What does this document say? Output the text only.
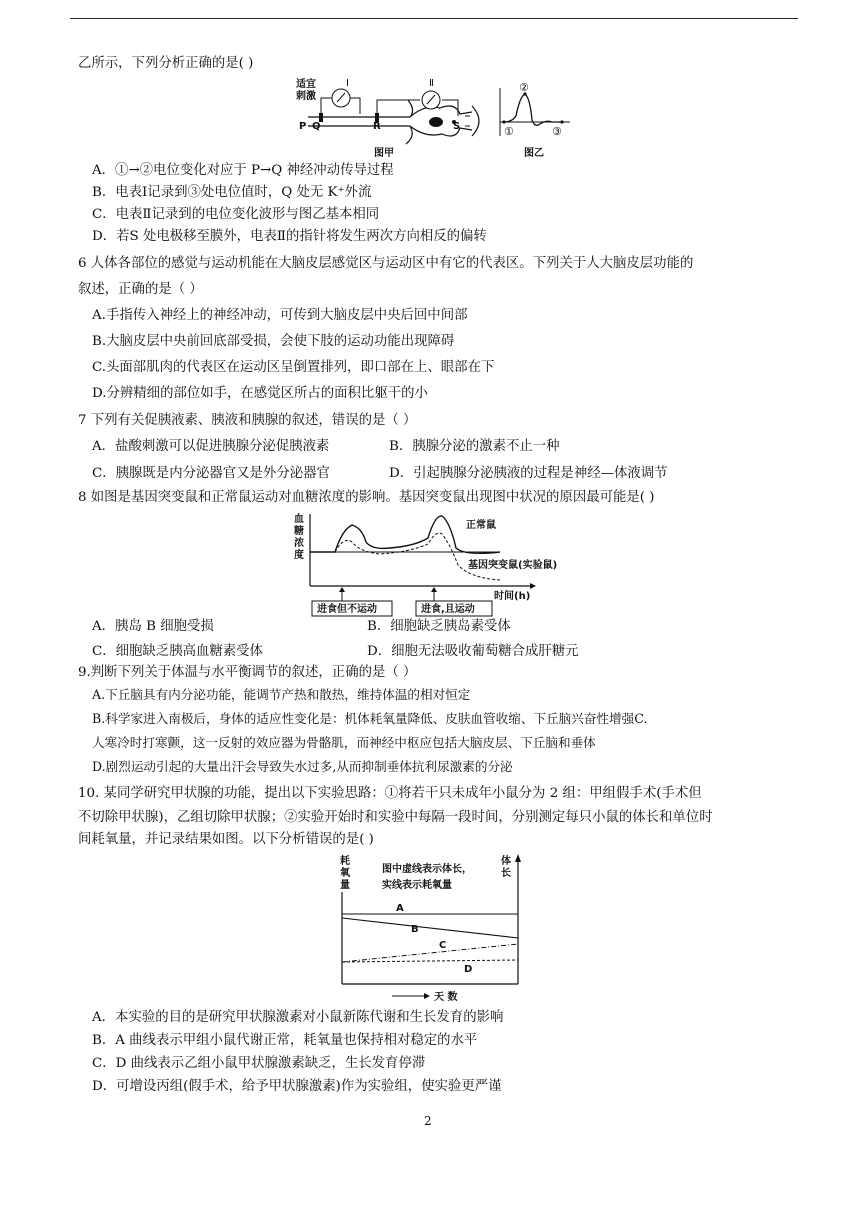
乙所示，下列分析正确的是( )
适宜
刺激
I	Ⅱ
P Q	R	S
图甲
①
②
③
图乙
A．①→②电位变化对应于 P→Q 神经冲动传导过程
B．电表Ⅰ记录到③处电位值时，Q 处无 K⁺外流
C．电表Ⅱ记录到的电位变化波形与图乙基本相同
D．若S 处电极移至膜外，电表Ⅱ的指针将发生两次方向相反的偏转
6 人体各部位的感觉与运动机能在大脑皮层感觉区与运动区中有它的代表区。下列关于人大脑皮层功能的
叙述，正确的是（ ）
A.手指传入神经上的神经冲动，可传到大脑皮层中央后回中间部
B.大脑皮层中央前回底部受损，会使下肢的运动功能出现障碍
C.头面部肌肉的代表区在运动区呈倒置排列，即口部在上、眼部在下
D.分辨精细的部位如手，在感觉区所占的面积比躯干的小
7 下列有关促胰液素、胰液和胰腺的叙述，错误的是（ ）
A．盐酸刺激可以促进胰腺分泌促胰液素	B．胰腺分泌的激素不止一种
C．胰腺既是内分泌器官又是外分泌器官	D．引起胰腺分泌胰液的过程是神经—体液调节
8 如图是基因突变鼠和正常鼠运动对血糖浓度的影响。基因突变鼠出现图中状况的原因最可能是( )
血
糖
浓
度
进食但不运动	进食,且运动
正常鼠
基因突变鼠(实验鼠)
时间(h)
A．胰岛 B 细胞受损	B．细胞缺乏胰岛素受体
C．细胞缺乏胰高血糖素受体	D．细胞无法吸收葡萄糖合成肝糖元
9.判断下列关于体温与水平衡调节的叙述，正确的是（ ）
A.下丘脑具有内分泌功能，能调节产热和散热，维持体温的相对恒定
B.科学家进入南极后，身体的适应性变化是：机体耗氧量降低、皮肤血管收缩、下丘脑兴奋性增强C.
人寒冷时打寒颤，这一反射的效应器为骨骼肌，而神经中枢应包括大脑皮层、下丘脑和垂体
D.剧烈运动引起的大量出汗会导致失水过多,从而抑制垂体抗利尿激素的分泌
10. 某同学研究甲状腺的功能，提出以下实验思路：①将若干只未成年小鼠分为 2 组：甲组假手术(手术但
不切除甲状腺)，乙组切除甲状腺；②实验开始时和实验中每隔一段时间，分别测定每只小鼠的体长和单位时
间耗氧量，并记录结果如图。以下分析错误的是( )
耗
氧
量
体
长
图中虚线表示体长，
实线表示耗氧量
A
B
C
D
天 数
A．本实验的目的是研究甲状腺激素对小鼠新陈代谢和生长发育的影响
B．A 曲线表示甲组小鼠代谢正常，耗氧量也保持相对稳定的水平
C．D 曲线表示乙组小鼠甲状腺激素缺乏，生长发育停滞
D．可增设丙组(假手术，给予甲状腺激素)作为实验组，使实验更严谨
2
